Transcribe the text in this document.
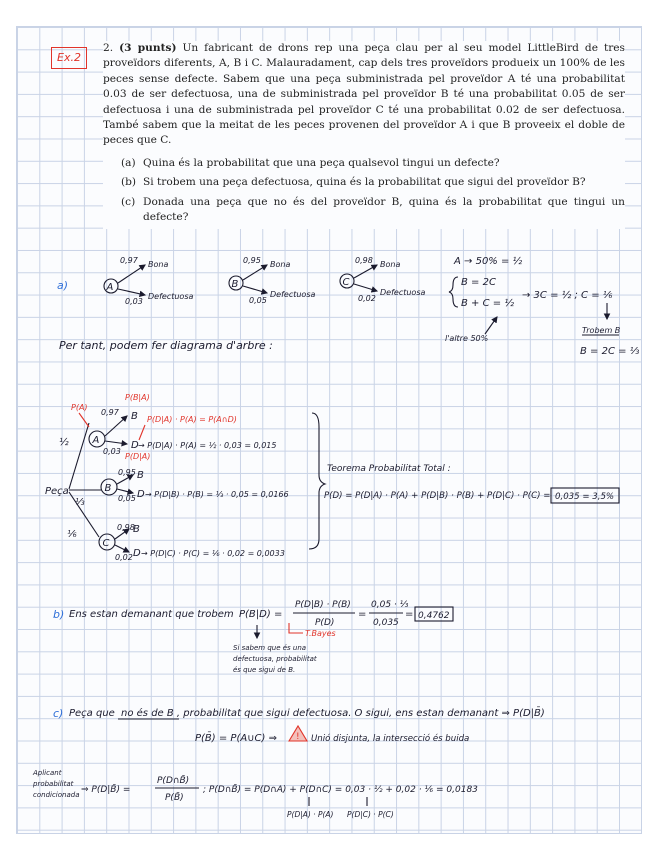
Ex.2
2. (3 punts) Un fabricant de drons rep una peça clau per al seu model LittleBird de tres proveïdors diferents, A, B i C. Malauradament, cap dels tres proveïdors produeix un 100% de les peces sense defecte. Sabem que una peça subministrada pel proveïdor A té una probabilitat 0.03 de ser defectuosa, una de subministrada pel proveïdor B té una probabilitat 0.05 de ser defectuosa i una de subministrada pel proveïdor C té una probabilitat 0.02 de ser defectuosa. També sabem que la meitat de les peces provenen del proveïdor A i que B proveeix el doble de peces que C.
(a) Quina és la probabilitat que una peça qualsevol tingui un defecte?
(b) Si trobem una peça defectuosa, quina és la probabilitat que sigui del proveïdor B?
(c) Donada una peça que no és del proveïdor B, quina és la probabilitat que tingui un defecte?
a)	A
0,97 Bona
0,03
Defectuosa
B
0,95 Bona
0,05
Defectuosa
C
0,98 Bona
0,02
Defectuosa
A → 50% = ½
B = 2C
B + C = ½
→ 3C = ½ ; C = ⅙
l'altre 50%
Trobem B
B = 2C = ⅓
Per tant, podem fer diagrama d'arbre :
Peça
½
⅓
⅙
P(A)
A
0,97
0,03
B
D
P(B|A)
P(D|A)
P(D|A) · P(A) = P(A∩D)
→ P(D|A) · P(A) = ½ · 0,03 = 0,015
B
0,95
0,05
B
D → P(D|B) · P(B) = ⅓ · 0,05 = 0,0166
C
0,98
0,02
B
D → P(D|C) · P(C) = ⅙ · 0,02 = 0,0033
Teorema Probabilitat Total :
P(D) = P(D|A) · P(A) + P(D|B) · P(B) + P(D|C) · P(C) = 0,035 = 3,5%
b) Ens estan demanant que trobem P(B|D) =
P(D|B) · P(B)
P(D)
=
0,05 · ⅓
0,035
= 0,4762
T.Bayes
Si sabem que és una
defectuosa, probabilitat
és que sigui de B.
c) Peça que no és de B , probabilitat que sigui defectuosa. O sigui, ens estan demanant ⇒ P(D|B̄)
P(B̄) = P(A∪C) ⇒ ! Unió disjunta, la intersecció és buida
Aplicant
probabilitat
condicionada ⇒ P(D|B̄) =
P(D∩B̄)
P(B̄)
; P(D∩B̄) = P(D∩A) + P(D∩C) = 0,03 · ½ + 0,02 · ⅙ = 0,0183
P(D|A) · P(A) P(D|C) · P(C)
